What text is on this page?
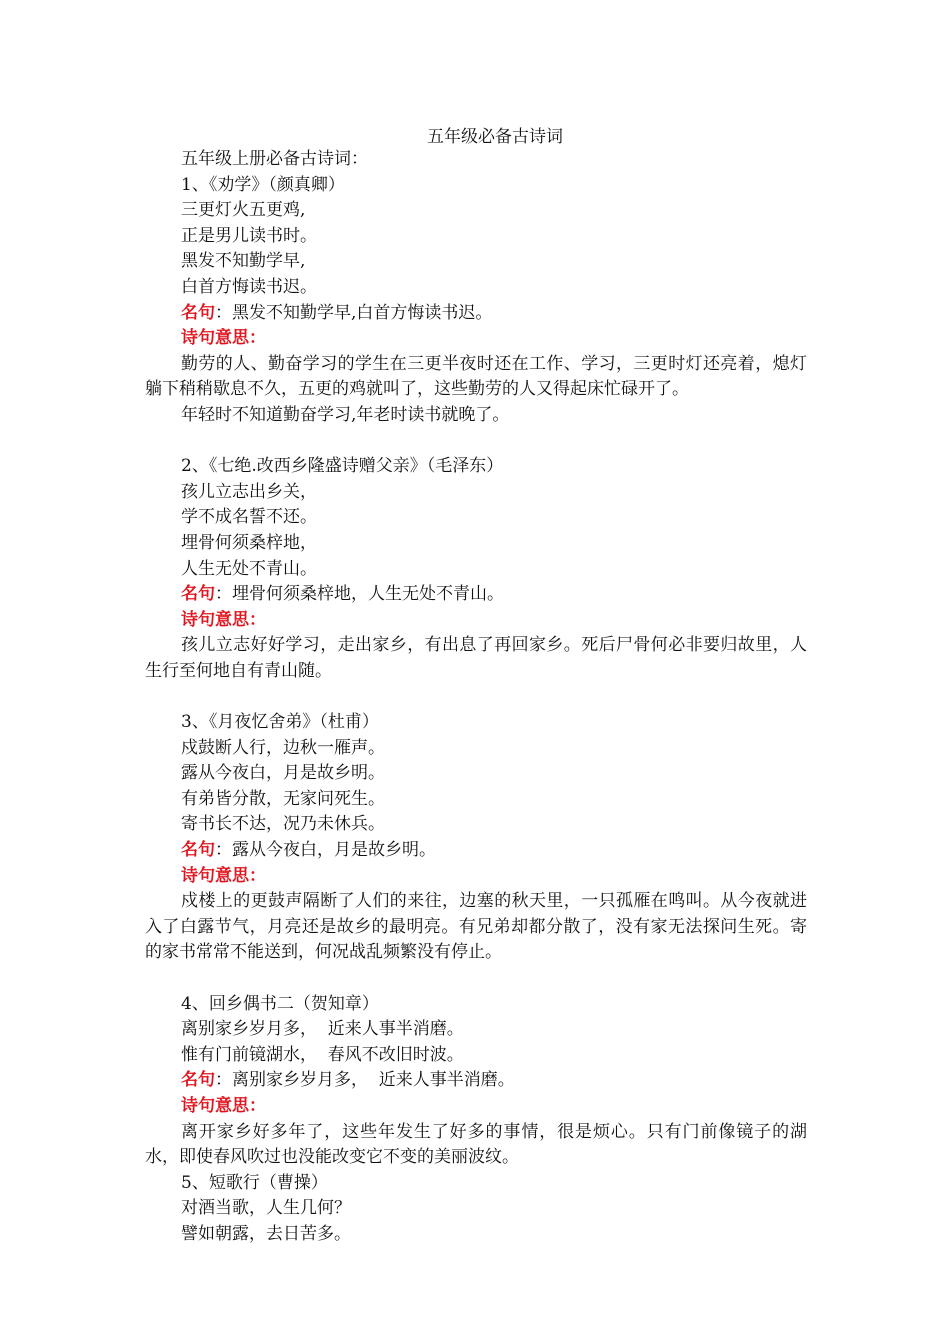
五年级必备古诗词
五年级上册必备古诗词：
1、《劝学》（颜真卿）
三更灯火五更鸡,
正是男儿读书时。
黑发不知勤学早,
白首方悔读书迟。
名句：黑发不知勤学早,白首方悔读书迟。
诗句意思：
勤劳的人、勤奋学习的学生在三更半夜时还在工作、学习，三更时灯还亮着，熄灯躺下稍稍歇息不久，五更的鸡就叫了，这些勤劳的人又得起床忙碌开了。
年轻时不知道勤奋学习,年老时读书就晚了。
2、《七绝.改西乡隆盛诗赠父亲》（毛泽东）
孩儿立志出乡关，
学不成名誓不还。
埋骨何须桑梓地，
人生无处不青山。
名句：埋骨何须桑梓地，人生无处不青山。
诗句意思：
孩儿立志好好学习，走出家乡，有出息了再回家乡。死后尸骨何必非要归故里，人生行至何地自有青山随。
3、《月夜忆舍弟》（杜甫）
戍鼓断人行，边秋一雁声。
露从今夜白，月是故乡明。
有弟皆分散，无家问死生。
寄书长不达，况乃未休兵。
名句：露从今夜白，月是故乡明。
诗句意思：
戍楼上的更鼓声隔断了人们的来往，边塞的秋天里，一只孤雁在鸣叫。从今夜就进入了白露节气，月亮还是故乡的最明亮。有兄弟却都分散了，没有家无法探问生死。寄的家书常常不能送到，何况战乱频繁没有停止。
4、回乡偶书二（贺知章）
离别家乡岁月多，  近来人事半消磨。
惟有门前镜湖水，  春风不改旧时波。
名句：离别家乡岁月多，  近来人事半消磨。
诗句意思：
离开家乡好多年了，这些年发生了好多的事情，很是烦心。只有门前像镜子的湖水，即使春风吹过也没能改变它不变的美丽波纹。
5、短歌行（曹操）
对酒当歌，人生几何？
譬如朝露，去日苦多。
